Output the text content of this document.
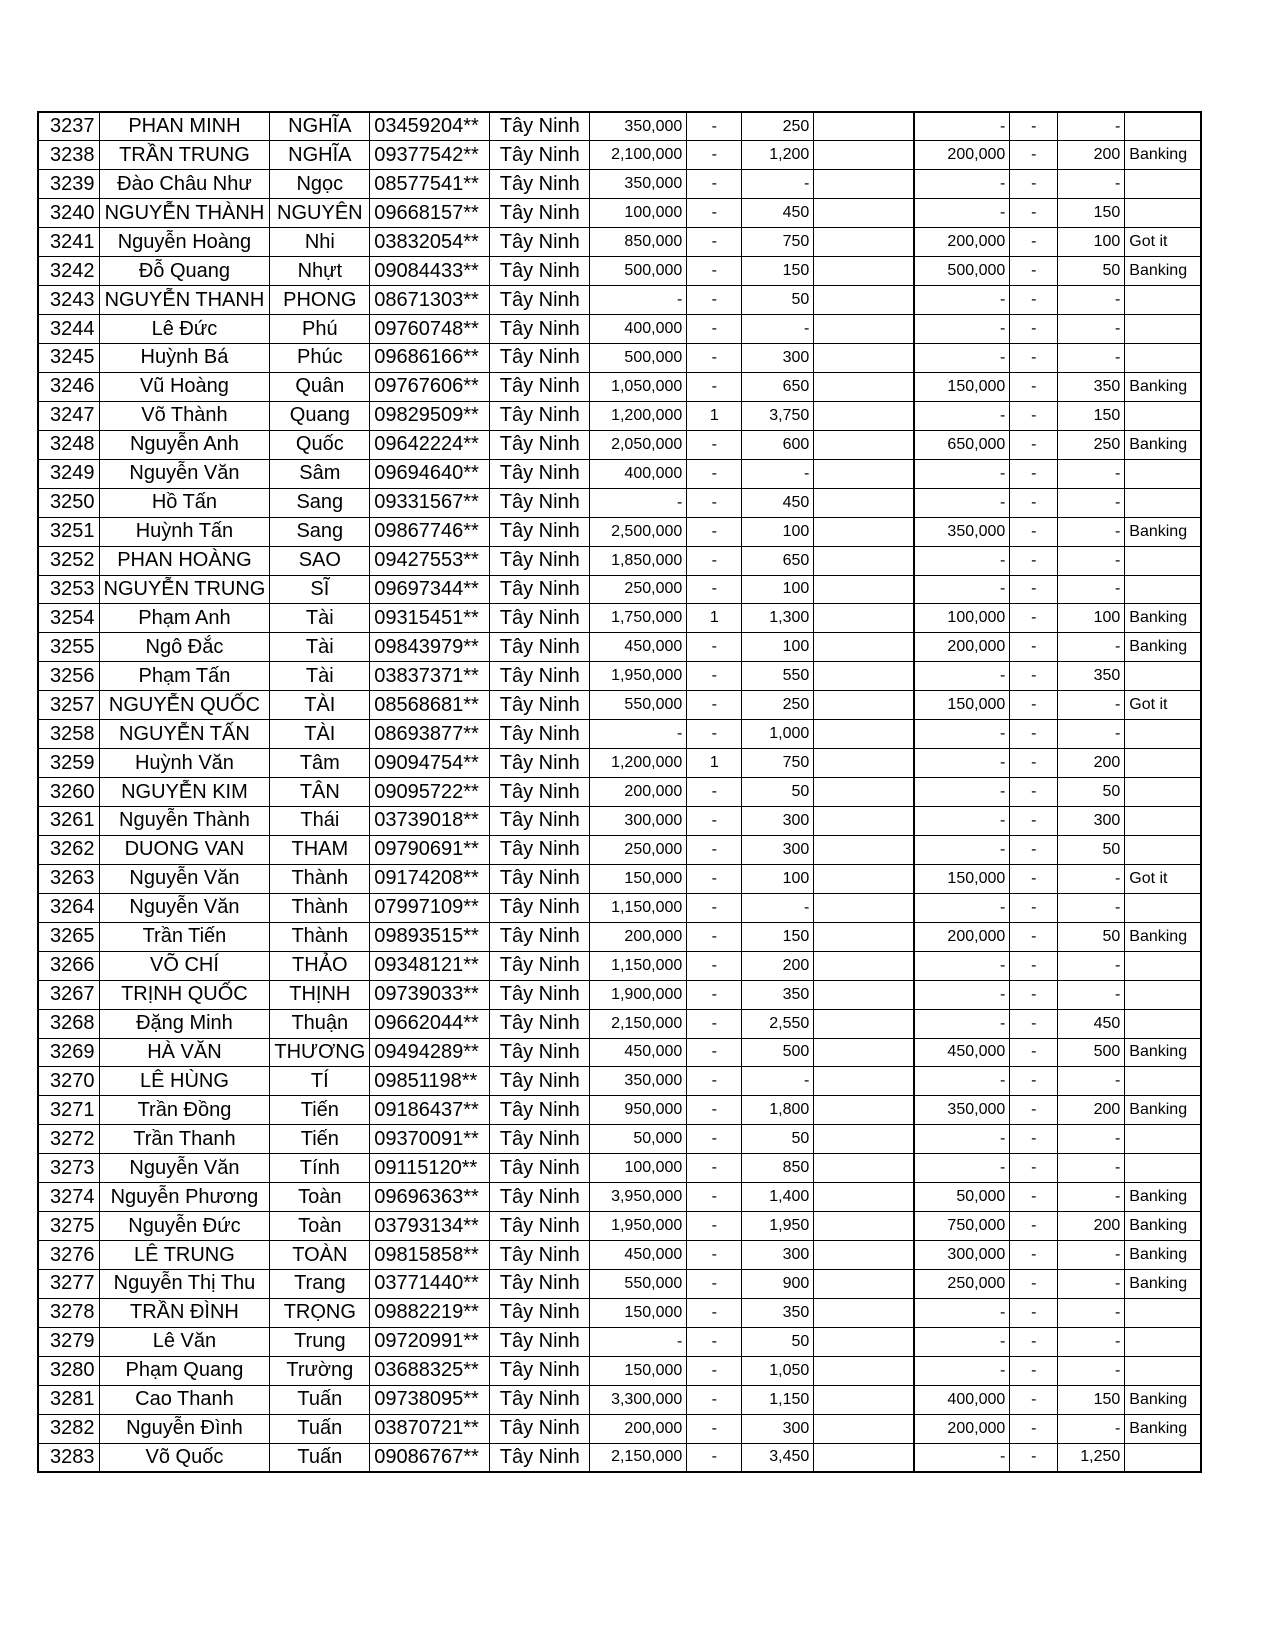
3237	PHAN MINH	NGHĨA	03459204**	Tây Ninh	350,000	-	250		-	-	-	
3238	TRẦN TRUNG	NGHĨA	09377542**	Tây Ninh	2,100,000	-	1,200		200,000	-	200	Banking
3239	Đào Châu Như	Ngọc	08577541**	Tây Ninh	350,000	-	-		-	-	-	
3240	NGUYỄN THÀNH	NGUYÊN	09668157**	Tây Ninh	100,000	-	450		-	-	150	
3241	Nguyễn Hoàng	Nhi	03832054**	Tây Ninh	850,000	-	750		200,000	-	100	Got it
3242	Đỗ Quang	Nhựt	09084433**	Tây Ninh	500,000	-	150		500,000	-	50	Banking
3243	NGUYỄN THANH	PHONG	08671303**	Tây Ninh	-	-	50		-	-	-	
3244	Lê Đức	Phú	09760748**	Tây Ninh	400,000	-	-		-	-	-	
3245	Huỳnh Bá	Phúc	09686166**	Tây Ninh	500,000	-	300		-	-	-	
3246	Vũ Hoàng	Quân	09767606**	Tây Ninh	1,050,000	-	650		150,000	-	350	Banking
3247	Võ Thành	Quang	09829509**	Tây Ninh	1,200,000	1	3,750		-	-	150	
3248	Nguyễn Anh	Quốc	09642224**	Tây Ninh	2,050,000	-	600		650,000	-	250	Banking
3249	Nguyễn Văn	Sâm	09694640**	Tây Ninh	400,000	-	-		-	-	-	
3250	Hồ Tấn	Sang	09331567**	Tây Ninh	-	-	450		-	-	-	
3251	Huỳnh Tấn	Sang	09867746**	Tây Ninh	2,500,000	-	100		350,000	-	-	Banking
3252	PHAN HOÀNG	SAO	09427553**	Tây Ninh	1,850,000	-	650		-	-	-	
3253	NGUYỄN TRUNG	SĨ	09697344**	Tây Ninh	250,000	-	100		-	-	-	
3254	Phạm Anh	Tài	09315451**	Tây Ninh	1,750,000	1	1,300		100,000	-	100	Banking
3255	Ngô Đắc	Tài	09843979**	Tây Ninh	450,000	-	100		200,000	-	-	Banking
3256	Phạm Tấn	Tài	03837371**	Tây Ninh	1,950,000	-	550		-	-	350	
3257	NGUYỄN QUỐC	TÀI	08568681**	Tây Ninh	550,000	-	250		150,000	-	-	Got it
3258	NGUYỄN TẤN	TÀI	08693877**	Tây Ninh	-	-	1,000		-	-	-	
3259	Huỳnh Văn	Tâm	09094754**	Tây Ninh	1,200,000	1	750		-	-	200	
3260	NGUYỄN KIM	TÂN	09095722**	Tây Ninh	200,000	-	50		-	-	50	
3261	Nguyễn Thành	Thái	03739018**	Tây Ninh	300,000	-	300		-	-	300	
3262	DUONG VAN	THAM	09790691**	Tây Ninh	250,000	-	300		-	-	50	
3263	Nguyễn Văn	Thành	09174208**	Tây Ninh	150,000	-	100		150,000	-	-	Got it
3264	Nguyễn Văn	Thành	07997109**	Tây Ninh	1,150,000	-	-		-	-	-	
3265	Trần Tiến	Thành	09893515**	Tây Ninh	200,000	-	150		200,000	-	50	Banking
3266	VÕ CHÍ	THẢO	09348121**	Tây Ninh	1,150,000	-	200		-	-	-	
3267	TRỊNH QUỐC	THỊNH	09739033**	Tây Ninh	1,900,000	-	350		-	-	-	
3268	Đặng Minh	Thuận	09662044**	Tây Ninh	2,150,000	-	2,550		-	-	450	
3269	HÀ VĂN	THƯƠNG	09494289**	Tây Ninh	450,000	-	500		450,000	-	500	Banking
3270	LÊ HÙNG	TÍ	09851198**	Tây Ninh	350,000	-	-		-	-	-	
3271	Trần Đồng	Tiến	09186437**	Tây Ninh	950,000	-	1,800		350,000	-	200	Banking
3272	Trần Thanh	Tiến	09370091**	Tây Ninh	50,000	-	50		-	-	-	
3273	Nguyễn Văn	Tính	09115120**	Tây Ninh	100,000	-	850		-	-	-	
3274	Nguyễn Phương	Toàn	09696363**	Tây Ninh	3,950,000	-	1,400		50,000	-	-	Banking
3275	Nguyễn Đức	Toàn	03793134**	Tây Ninh	1,950,000	-	1,950		750,000	-	200	Banking
3276	LÊ TRUNG	TOÀN	09815858**	Tây Ninh	450,000	-	300		300,000	-	-	Banking
3277	Nguyễn Thị Thu	Trang	03771440**	Tây Ninh	550,000	-	900		250,000	-	-	Banking
3278	TRẦN ĐÌNH	TRỌNG	09882219**	Tây Ninh	150,000	-	350		-	-	-	
3279	Lê Văn	Trung	09720991**	Tây Ninh	-	-	50		-	-	-	
3280	Phạm Quang	Trường	03688325**	Tây Ninh	150,000	-	1,050		-	-	-	
3281	Cao Thanh	Tuấn	09738095**	Tây Ninh	3,300,000	-	1,150		400,000	-	150	Banking
3282	Nguyễn Đình	Tuấn	03870721**	Tây Ninh	200,000	-	300		200,000	-	-	Banking
3283	Võ Quốc	Tuấn	09086767**	Tây Ninh	2,150,000	-	3,450		-	-	1,250	
